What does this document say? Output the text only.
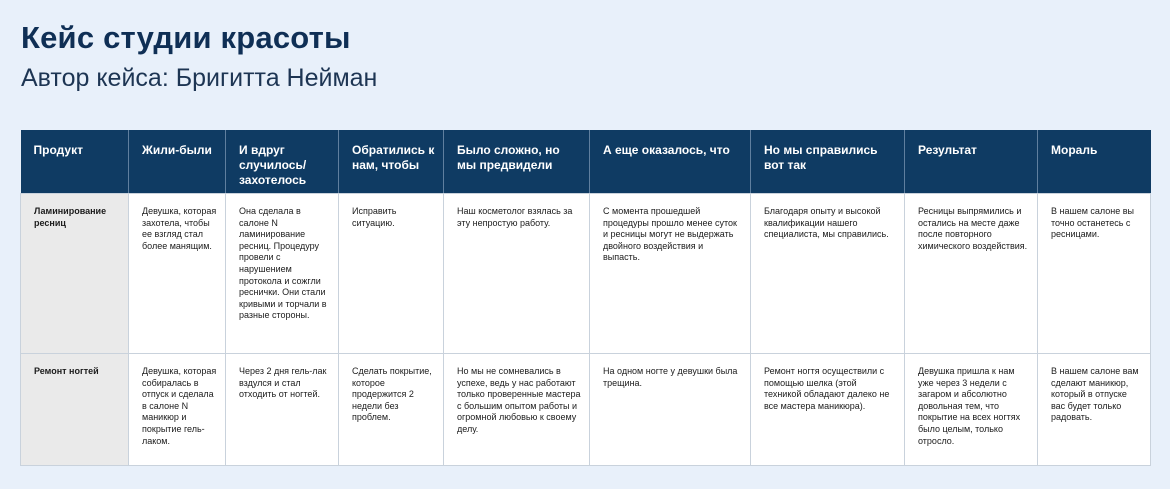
Кейс студии красоты
Автор кейса: Бригитта Нейман
Продукт	Жили-были	И вдруг случилось/ захотелось	Обратились к нам, чтобы	Было сложно, но мы предвидели	А еще оказалось, что	Но мы справились вот так	Результат	Мораль
Ламинирование ресниц	Девушка, которая захотела, чтобы ее взгляд стал более манящим.	Она сделала в салоне N ламинирование ресниц. Процедуру провели с нарушением протокола и сожгли реснички. Они стали кривыми и торчали в разные стороны.	Исправить ситуацию.	Наш косметолог взялась за эту непростую работу.	С момента прошедшей процедуры прошло менее суток и ресницы могут не выдержать двойного воздействия и выпасть.	Благодаря опыту и высокой квалификации нашего специалиста, мы справились.	Ресницы выпрямились и остались на месте даже после повторного химического воздействия.	В нашем салоне вы точно останетесь с ресницами.
Ремонт ногтей	Девушка, которая собиралась в отпуск и сделала в салоне N маникюр и покрытие гель-лаком.	Через 2 дня гель-лак вздулся и стал отходить от ногтей.	Сделать покрытие, которое продержится 2 недели без проблем.	Но мы не сомневались в успехе, ведь у нас работают только проверенные мастера с большим опытом работы и огромной любовью к своему делу.	На одном ногте у девушки была трещина.	Ремонт ногтя осуществили с помощью шелка (этой техникой обладают далеко не все мастера маникюра).	Девушка пришла к нам уже через 3 недели с загаром и абсолютно довольная тем, что покрытие на всех ногтях было целым, только отросло.	В нашем салоне вам сделают маникюр, который в отпуске вас будет только радовать.
